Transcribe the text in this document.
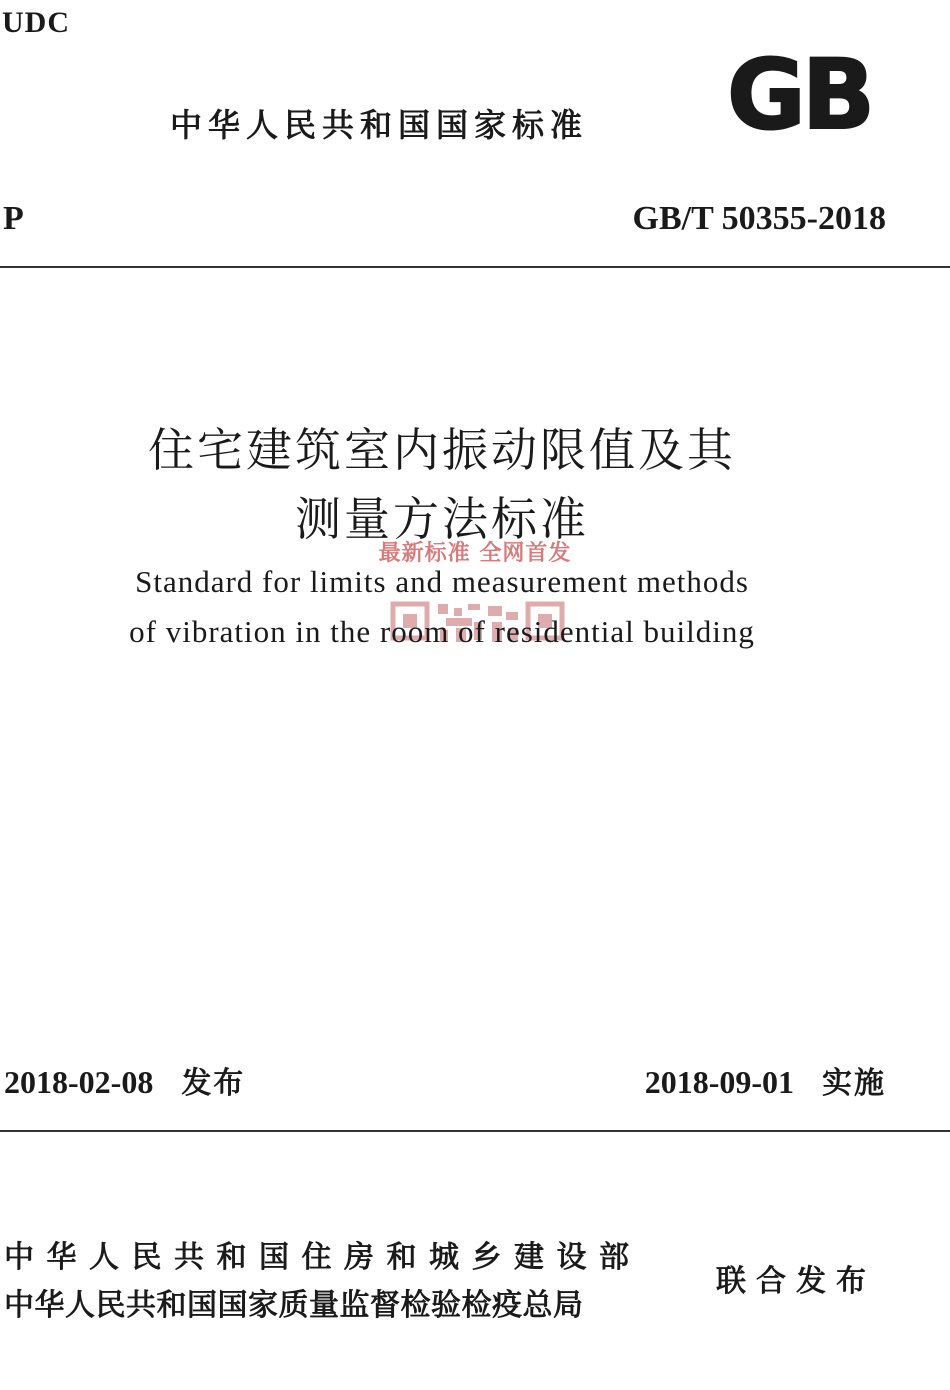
UDC
中华人民共和国国家标准 GB
P	GB/T 50355-2018
住宅建筑室内振动限值及其
测量方法标准
最新标准 全网首发
Standard for limits and measurement methods
of vibration in the room of residential building
2018-02-08 发布	2018-09-01 实施
中华人民共和国住房和城乡建设部
中华人民共和国国家质量监督检验检疫总局
联合发布
